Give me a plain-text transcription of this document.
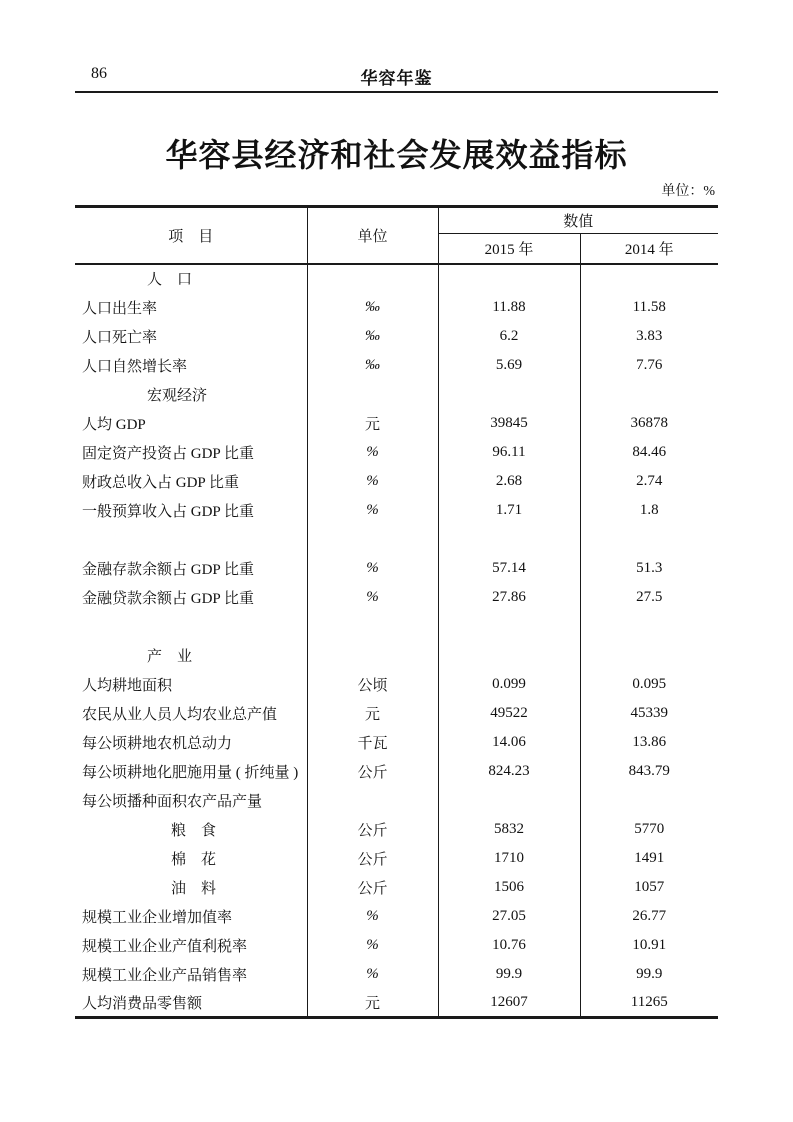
86	华容年鉴
华容县经济和社会发展效益指标
单位：%
项　目	单位	数值	
		2015 年	2014 年
人　口			
人口出生率	‰	11.88	11.58
人口死亡率	‰	6.2	3.83
人口自然增长率	‰	5.69	7.76
宏观经济			
人均 GDP	元	39845	36878
固定资产投资占 GDP 比重	%	96.11	84.46
财政总收入占 GDP 比重	%	2.68	2.74
一般预算收入占 GDP 比重	%	1.71	1.8

金融存款余额占 GDP 比重	%	57.14	51.3
金融贷款余额占 GDP 比重	%	27.86	27.5

产　业			
人均耕地面积	公顷	0.099	0.095
农民从业人员人均农业总产值	元	49522	45339
每公顷耕地农机总动力	千瓦	14.06	13.86
每公顷耕地化肥施用量 ( 折纯量 )	公斤	824.23	843.79
每公顷播种面积农产品产量			
粮　食	公斤	5832	5770
棉　花	公斤	1710	1491
油　料	公斤	1506	1057
规模工业企业增加值率	%	27.05	26.77
规模工业企业产值利税率	%	10.76	10.91
规模工业企业产品销售率	%	99.9	99.9
人均消费品零售额	元	12607	11265
